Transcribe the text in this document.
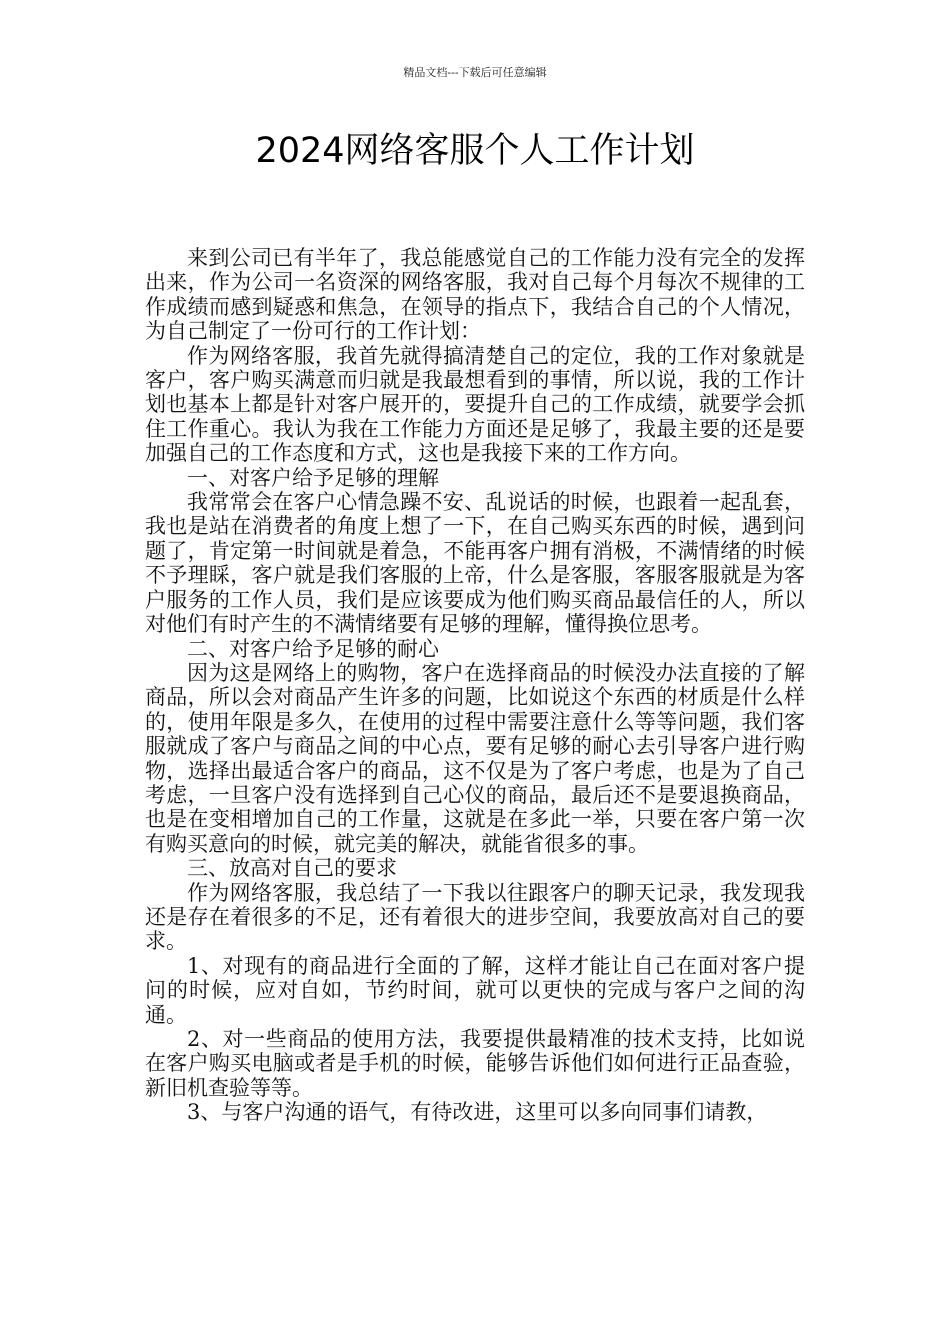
精品文档---下载后可任意编辑
2024网络客服个人工作计划

来到公司已有半年了，我总能感觉自己的工作能力没有完全的发挥出来，作为公司一名资深的网络客服，我对自己每个月每次不规律的工作成绩而感到疑惑和焦急，在领导的指点下，我结合自己的个人情况，为自己制定了一份可行的工作计划：

作为网络客服，我首先就得搞清楚自己的定位，我的工作对象就是客户，客户购买满意而归就是我最想看到的事情，所以说，我的工作计划也基本上都是针对客户展开的，要提升自己的工作成绩，就要学会抓住工作重心。我认为我在工作能力方面还是足够了，我最主要的还是要加强自己的工作态度和方式，这也是我接下来的工作方向。

一、对客户给予足够的理解

我常常会在客户心情急躁不安、乱说话的时候，也跟着一起乱套，我也是站在消费者的角度上想了一下，在自己购买东西的时候，遇到问题了，肯定第一时间就是着急，不能再客户拥有消极，不满情绪的时候不予理睬，客户就是我们客服的上帝，什么是客服，客服客服就是为客户服务的工作人员，我们是应该要成为他们购买商品最信任的人，所以对他们有时产生的不满情绪要有足够的理解，懂得换位思考。

二、对客户给予足够的耐心

因为这是网络上的购物，客户在选择商品的时候没办法直接的了解商品，所以会对商品产生许多的问题，比如说这个东西的材质是什么样的，使用年限是多久，在使用的过程中需要注意什么等等问题，我们客服就成了客户与商品之间的中心点，要有足够的耐心去引导客户进行购物，选择出最适合客户的商品，这不仅是为了客户考虑，也是为了自己考虑，一旦客户没有选择到自己心仪的商品，最后还不是要退换商品，也是在变相增加自己的工作量，这就是在多此一举，只要在客户第一次有购买意向的时候，就完美的解决，就能省很多的事。

三、放高对自己的要求

作为网络客服，我总结了一下我以往跟客户的聊天记录，我发现我还是存在着很多的不足，还有着很大的进步空间，我要放高对自己的要求。

1、对现有的商品进行全面的了解，这样才能让自己在面对客户提问的时候，应对自如，节约时间，就可以更快的完成与客户之间的沟通。

2、对一些商品的使用方法，我要提供最精准的技术支持，比如说在客户购买电脑或者是手机的时候，能够告诉他们如何进行正品查验，新旧机查验等等。

3、与客户沟通的语气，有待改进，这里可以多向同事们请教，
